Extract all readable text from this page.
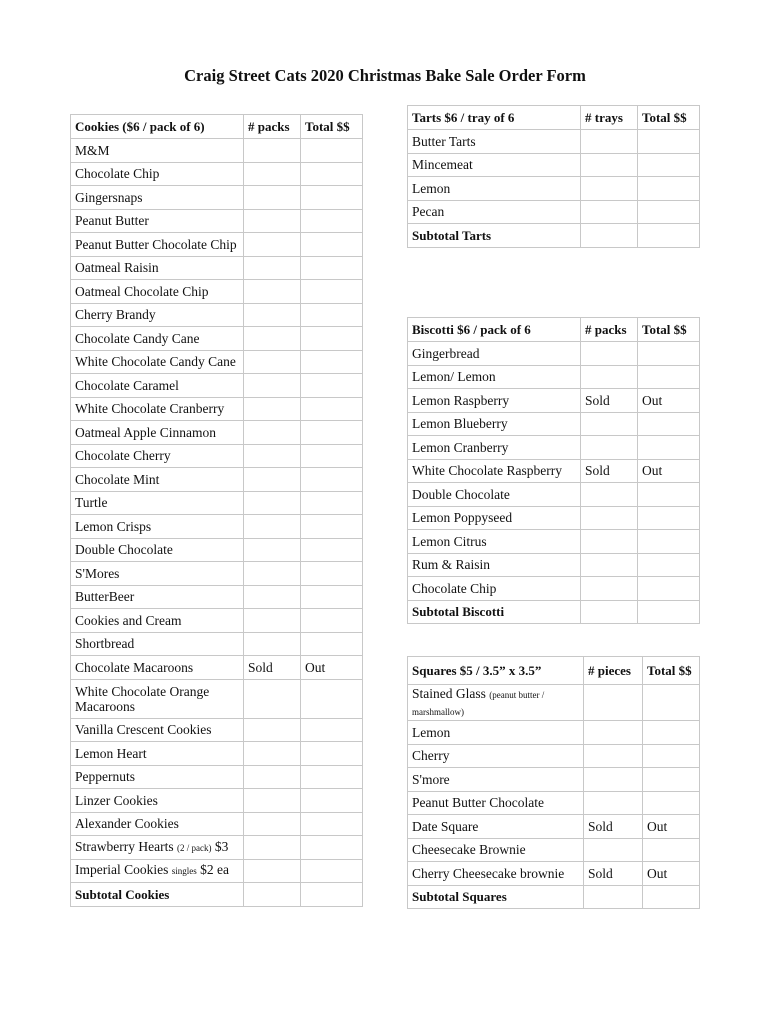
Craig Street Cats 2020 Christmas Bake Sale Order Form
Cookies ($6 / pack of 6)	# packs	Total $$
M&M		
Chocolate Chip		
Gingersnaps		
Peanut Butter		
Peanut Butter Chocolate Chip		
Oatmeal Raisin		
Oatmeal Chocolate Chip		
Cherry Brandy		
Chocolate Candy Cane		
White Chocolate Candy Cane		
Chocolate Caramel		
White Chocolate Cranberry		
Oatmeal Apple Cinnamon		
Chocolate Cherry		
Chocolate Mint		
Turtle		
Lemon Crisps		
Double Chocolate		
S'Mores		
ButterBeer		
Cookies and Cream		
Shortbread		
Chocolate Macaroons	Sold	Out
White Chocolate Orange Macaroons		
Vanilla Crescent Cookies		
Lemon Heart		
Peppernuts		
Linzer Cookies		
Alexander Cookies		
Strawberry Hearts (2 / pack) $3		
Imperial Cookies singles $2 ea		
Subtotal Cookies		
Tarts $6 / tray of 6	# trays	Total $$
Butter Tarts		
Mincemeat		
Lemon		
Pecan		
Subtotal Tarts		
Biscotti $6 / pack of 6	# packs	Total $$
Gingerbread		
Lemon/ Lemon		
Lemon Raspberry	Sold	Out
Lemon Blueberry		
Lemon Cranberry		
White Chocolate Raspberry	Sold	Out
Double Chocolate		
Lemon Poppyseed		
Lemon Citrus		
Rum & Raisin		
Chocolate Chip		
Subtotal Biscotti		
Squares $5 / 3.5” x 3.5”	# pieces	Total $$
Stained Glass (peanut butter / marshmallow)		
Lemon		
Cherry		
S'more		
Peanut Butter Chocolate		
Date Square	Sold	Out
Cheesecake Brownie		
Cherry Cheesecake brownie	Sold	Out
Subtotal Squares		
